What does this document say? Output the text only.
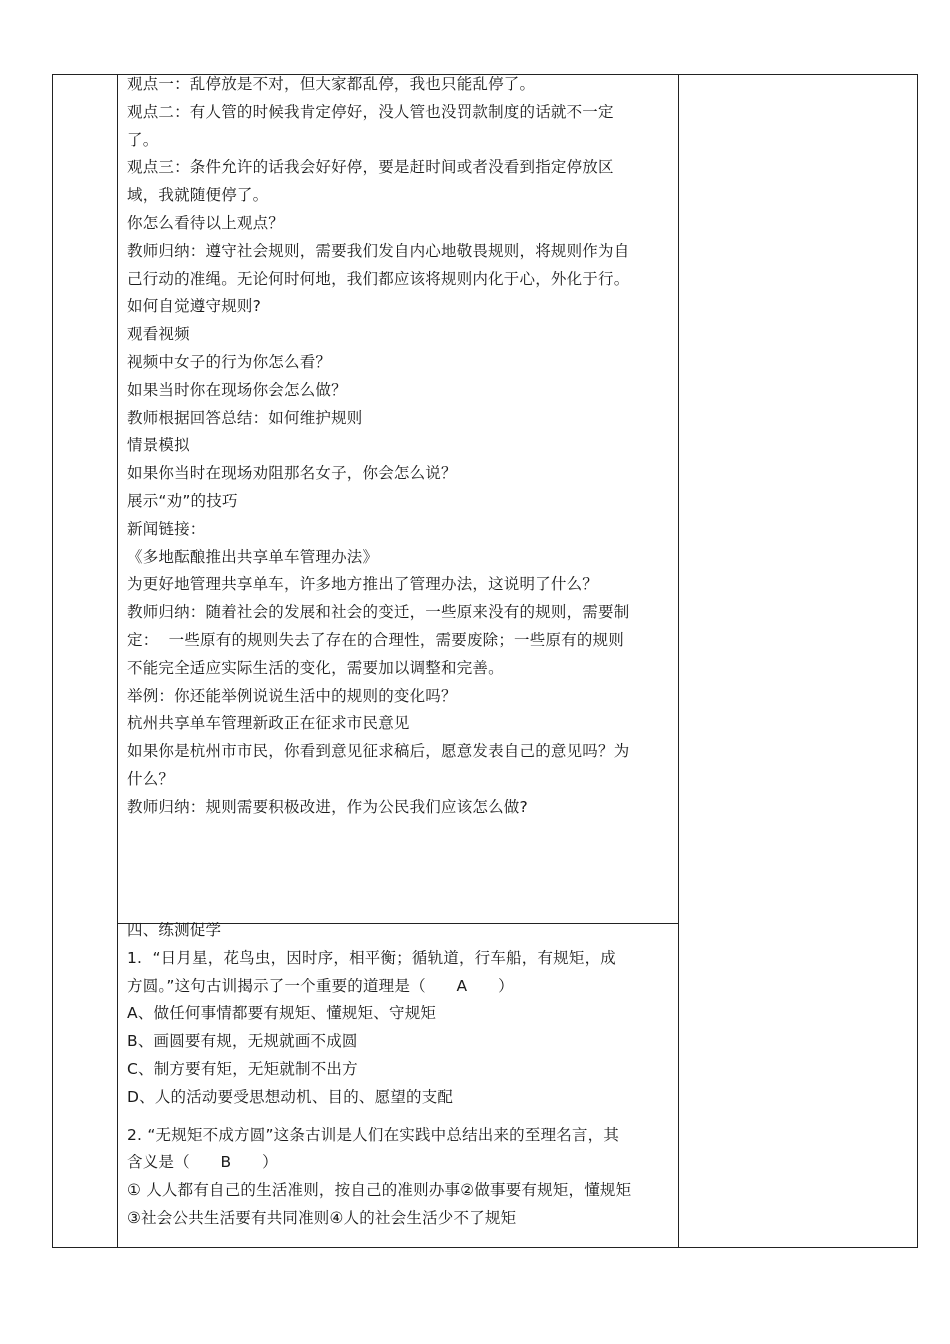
观点一：乱停放是不对，但大家都乱停，我也只能乱停了。

观点二：有人管的时候我肯定停好，没人管也没罚款制度的话就不一定

了。

观点三：条件允许的话我会好好停，要是赶时间或者没看到指定停放区

域，我就随便停了。

你怎么看待以上观点？

教师归纳：遵守社会规则，需要我们发自内心地敬畏规则，将规则作为自

己行动的准绳。无论何时何地，我们都应该将规则内化于心，外化于行。

如何自觉遵守规则?

观看视频

视频中女子的行为你怎么看？

如果当时你在现场你会怎么做？

教师根据回答总结：如何维护规则

情景模拟

如果你当时在现场劝阻那名女子，你会怎么说？

展示“劝”的技巧

新闻链接：

《多地酝酿推出共享单车管理办法》

为更好地管理共享单车，许多地方推出了管理办法，这说明了什么？

教师归纳：随着社会的发展和社会的变迁，一些原来没有的规则，需要制

定：  一些原有的规则失去了存在的合理性，需要废除；一些原有的规则

不能完全适应实际生活的变化，需要加以调整和完善。

举例：你还能举例说说生活中的规则的变化吗？

杭州共享单车管理新政正在征求市民意见

如果你是杭州市市民，你看到意见征求稿后，愿意发表自己的意见吗？为

什么？

教师归纳：规则需要积极改进，作为公民我们应该怎么做?

四、练测促学

1.  “日月星，花鸟虫，因时序，相平衡；循轨道，行车船，有规矩，成

方圆。”这句古训揭示了一个重要的道理是（      A      ）

A、做任何事情都要有规矩、懂规矩、守规矩

B、画圆要有规，无规就画不成圆

C、制方要有矩，无矩就制不出方

D、人的活动要受思想动机、目的、愿望的支配

2. “无规矩不成方圆”这条古训是人们在实践中总结出来的至理名言，其

含义是（      B      ）

① 人人都有自己的生活准则，按自己的准则办事②做事要有规矩，懂规矩

③社会公共生活要有共同准则④人的社会生活少不了规矩
